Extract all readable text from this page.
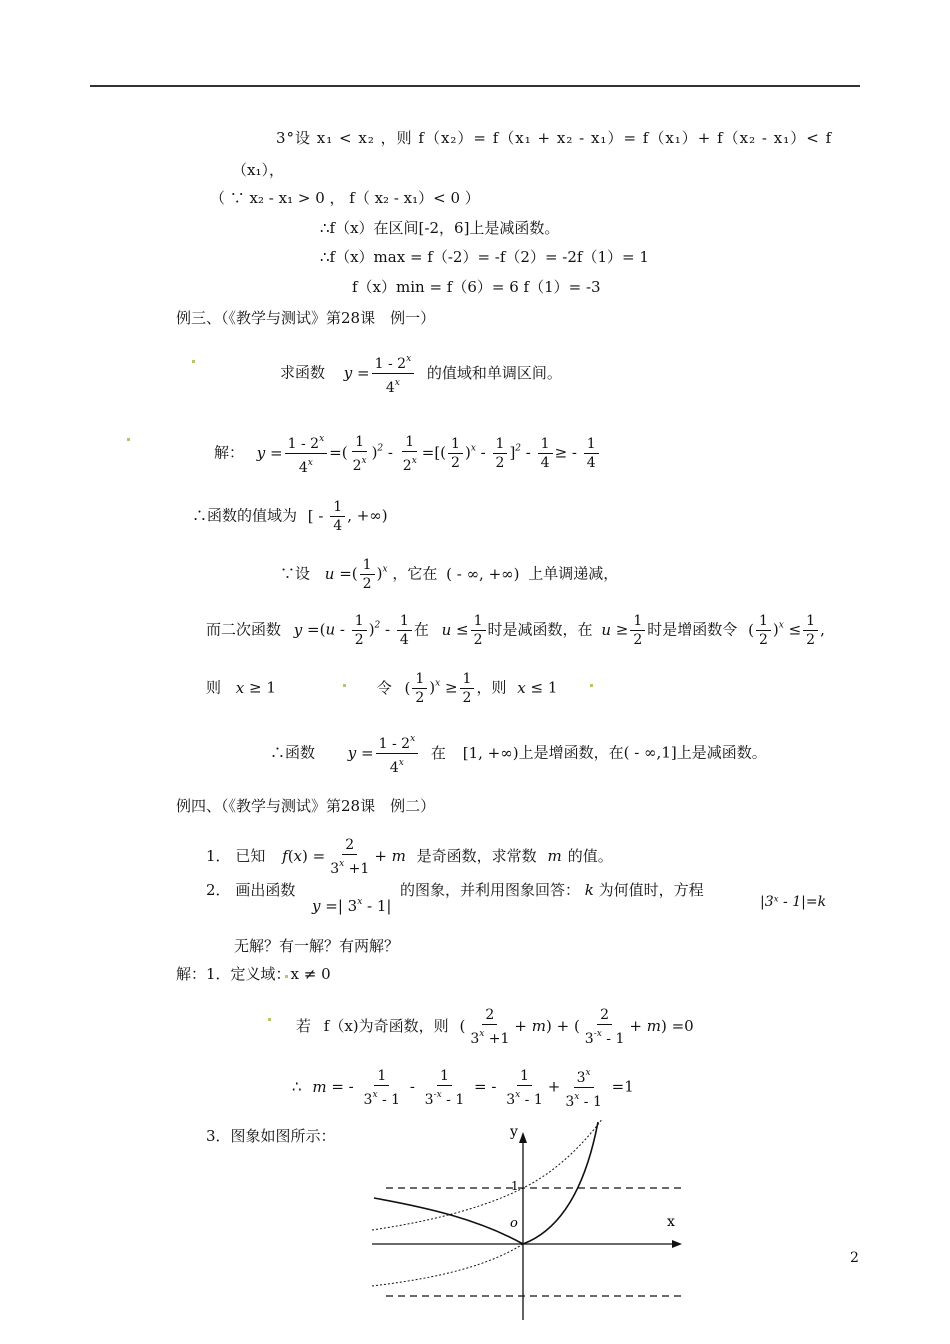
3°设 x₁ < x₂ ，则 f（x₂）= f（x₁ + x₂ - x₁）= f（x₁）+ f（x₂ - x₁）< f
（x₁），
（ ∵ x₂ - x₁ > 0 ， f（ x₂ - x₁）< 0 ）
∴f（x）在区间[-2，6]上是减函数。
∴f（x）max = f（-2）= -f（2）= -2f（1）= 1
f（x）min = f（6）= 6 f（1）= -3
例三、（《教学与测试》第28课　例一）
求函数 $y = \frac{1 - 2^x}{4^x}$ 的值域和单调区间。
解： $y = \frac{1 - 2^x}{4^x}$ =( $\frac{1}{2^x} )^2 - \frac{1}{2^x}$ =[( $\frac{1}{2} )^x - \frac{1}{2} ]^2 - \frac{1}{4}$ ≥ - $\frac{1}{4}$
∴函数的值域为 [ - $\frac{1}{4}$ , +∞)
∵设 u =( $\frac{1}{2} )^x$ ，它在 ( - ∞, +∞) 上单调递减，
而二次函数 $y =(u - \frac{1}{2} )^2 - \frac{1}{4}$ 在 $u \le \frac{1}{2}$ 时是减函数，在 $u \ge \frac{1}{2}$ 时是增函数令 ( $\frac{1}{2} )^x \le \frac{1}{2}$ ,
则 x ≥ 1	令 ( $\frac{1}{2} )^x \ge \frac{1}{2}$ ，则 x ≤ 1
∴函数 $y = \frac{1 - 2^x}{4^x}$ 在 [1, +∞)上是增函数，在( - ∞,1]上是减函数。
例四、（《教学与测试》第28课　例二）
1． 已知 $f(x) = \frac{2}{3^x +1} + m$ 是奇函数，求常数 m 的值。
2． 画出函数
y =| 3$^x$ - 1|
的图象，并利用图象回答： k 为何值时，方程
|3ˣ - 1|=k
无解？有一解？有两解？
解：1．定义域：x ≠ 0
若 f（x)为奇函数，则 ( $\frac{2}{3^x +1} + m$) + ( $\frac{2}{3^{-x} - 1} + m) =0$
∴ m = - $\frac{1}{3^x - 1} - \frac{1}{3^{-x} - 1}$ = - $\frac{1}{3^x - 1} + \frac{3^x}{3^x - 1} =1$
3．图象如图所示：	y
x
1
o
2
